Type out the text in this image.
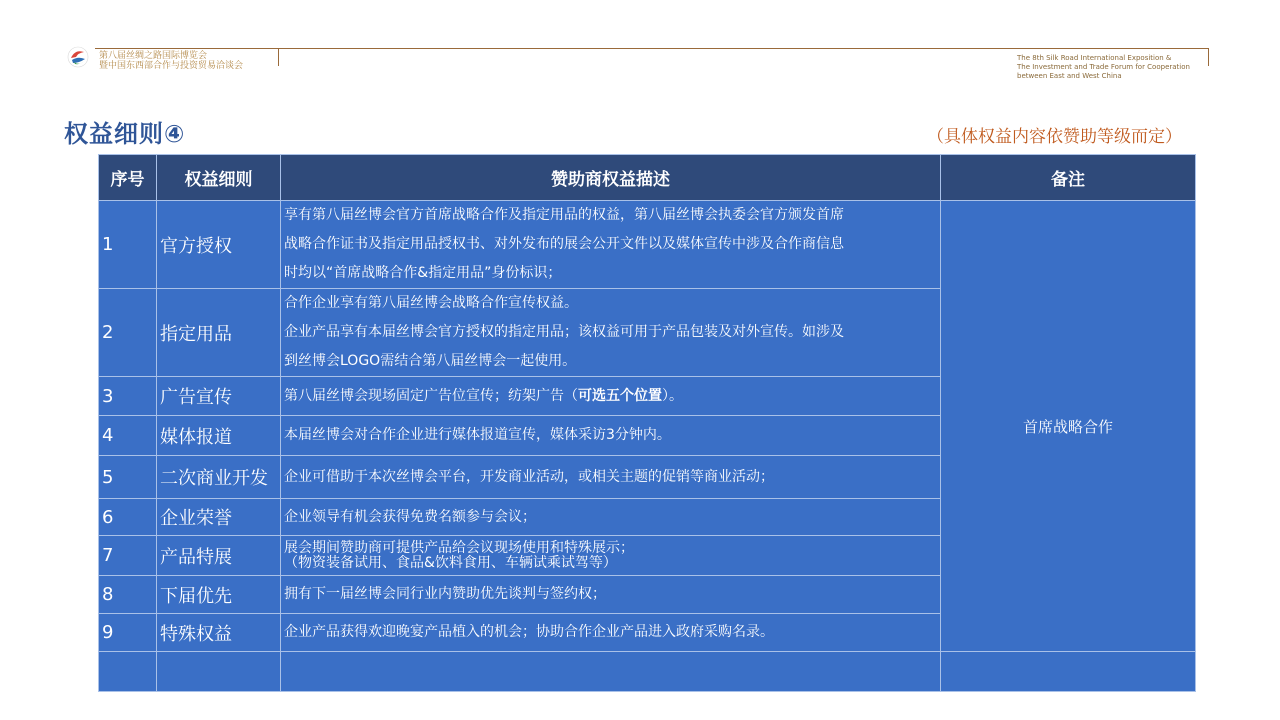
第八届丝绸之路国际博览会
暨中国东西部合作与投资贸易洽谈会
The 8th Silk Road International Exposition &
The Investment and Trade Forum for Cooperation
between East and West China
权益细则④	（具体权益内容依赞助等级而定）
序号	权益细则	赞助商权益描述	备注
1	官方授权	享有第八届丝博会官方首席战略合作及指定用品的权益，第八届丝博会执委会官方颁发首席
战略合作证书及指定用品授权书、对外发布的展会公开文件以及媒体宣传中涉及合作商信息
时均以“首席战略合作&指定用品”身份标识；	首席战略合作
2	指定用品	合作企业享有第八届丝博会战略合作宣传权益。
企业产品享有本届丝博会官方授权的指定用品；该权益可用于产品包装及对外宣传。如涉及
到丝博会LOGO需结合第八届丝博会一起使用。	

3	广告宣传	第八届丝博会现场固定广告位宣传；纺架广告（可选五个位置）。	
4	媒体报道	本届丝博会对合作企业进行媒体报道宣传，媒体采访3分钟内。	

5	二次商业开发	企业可借助于本次丝博会平台，开发商业活动，或相关主题的促销等商业活动；	

6	企业荣誉	企业领导有机会获得免费名额参与会议；	

7	产品特展	展会期间赞助商可提供产品给会议现场使用和特殊展示；
（物资装备试用、食品&饮料食用、车辆试乘试驾等）	

8	下届优先	拥有下一届丝博会同行业内赞助优先谈判与签约权；	

9	特殊权益	企业产品获得欢迎晚宴产品植入的机会；协助合作企业产品进入政府采购名录。	
